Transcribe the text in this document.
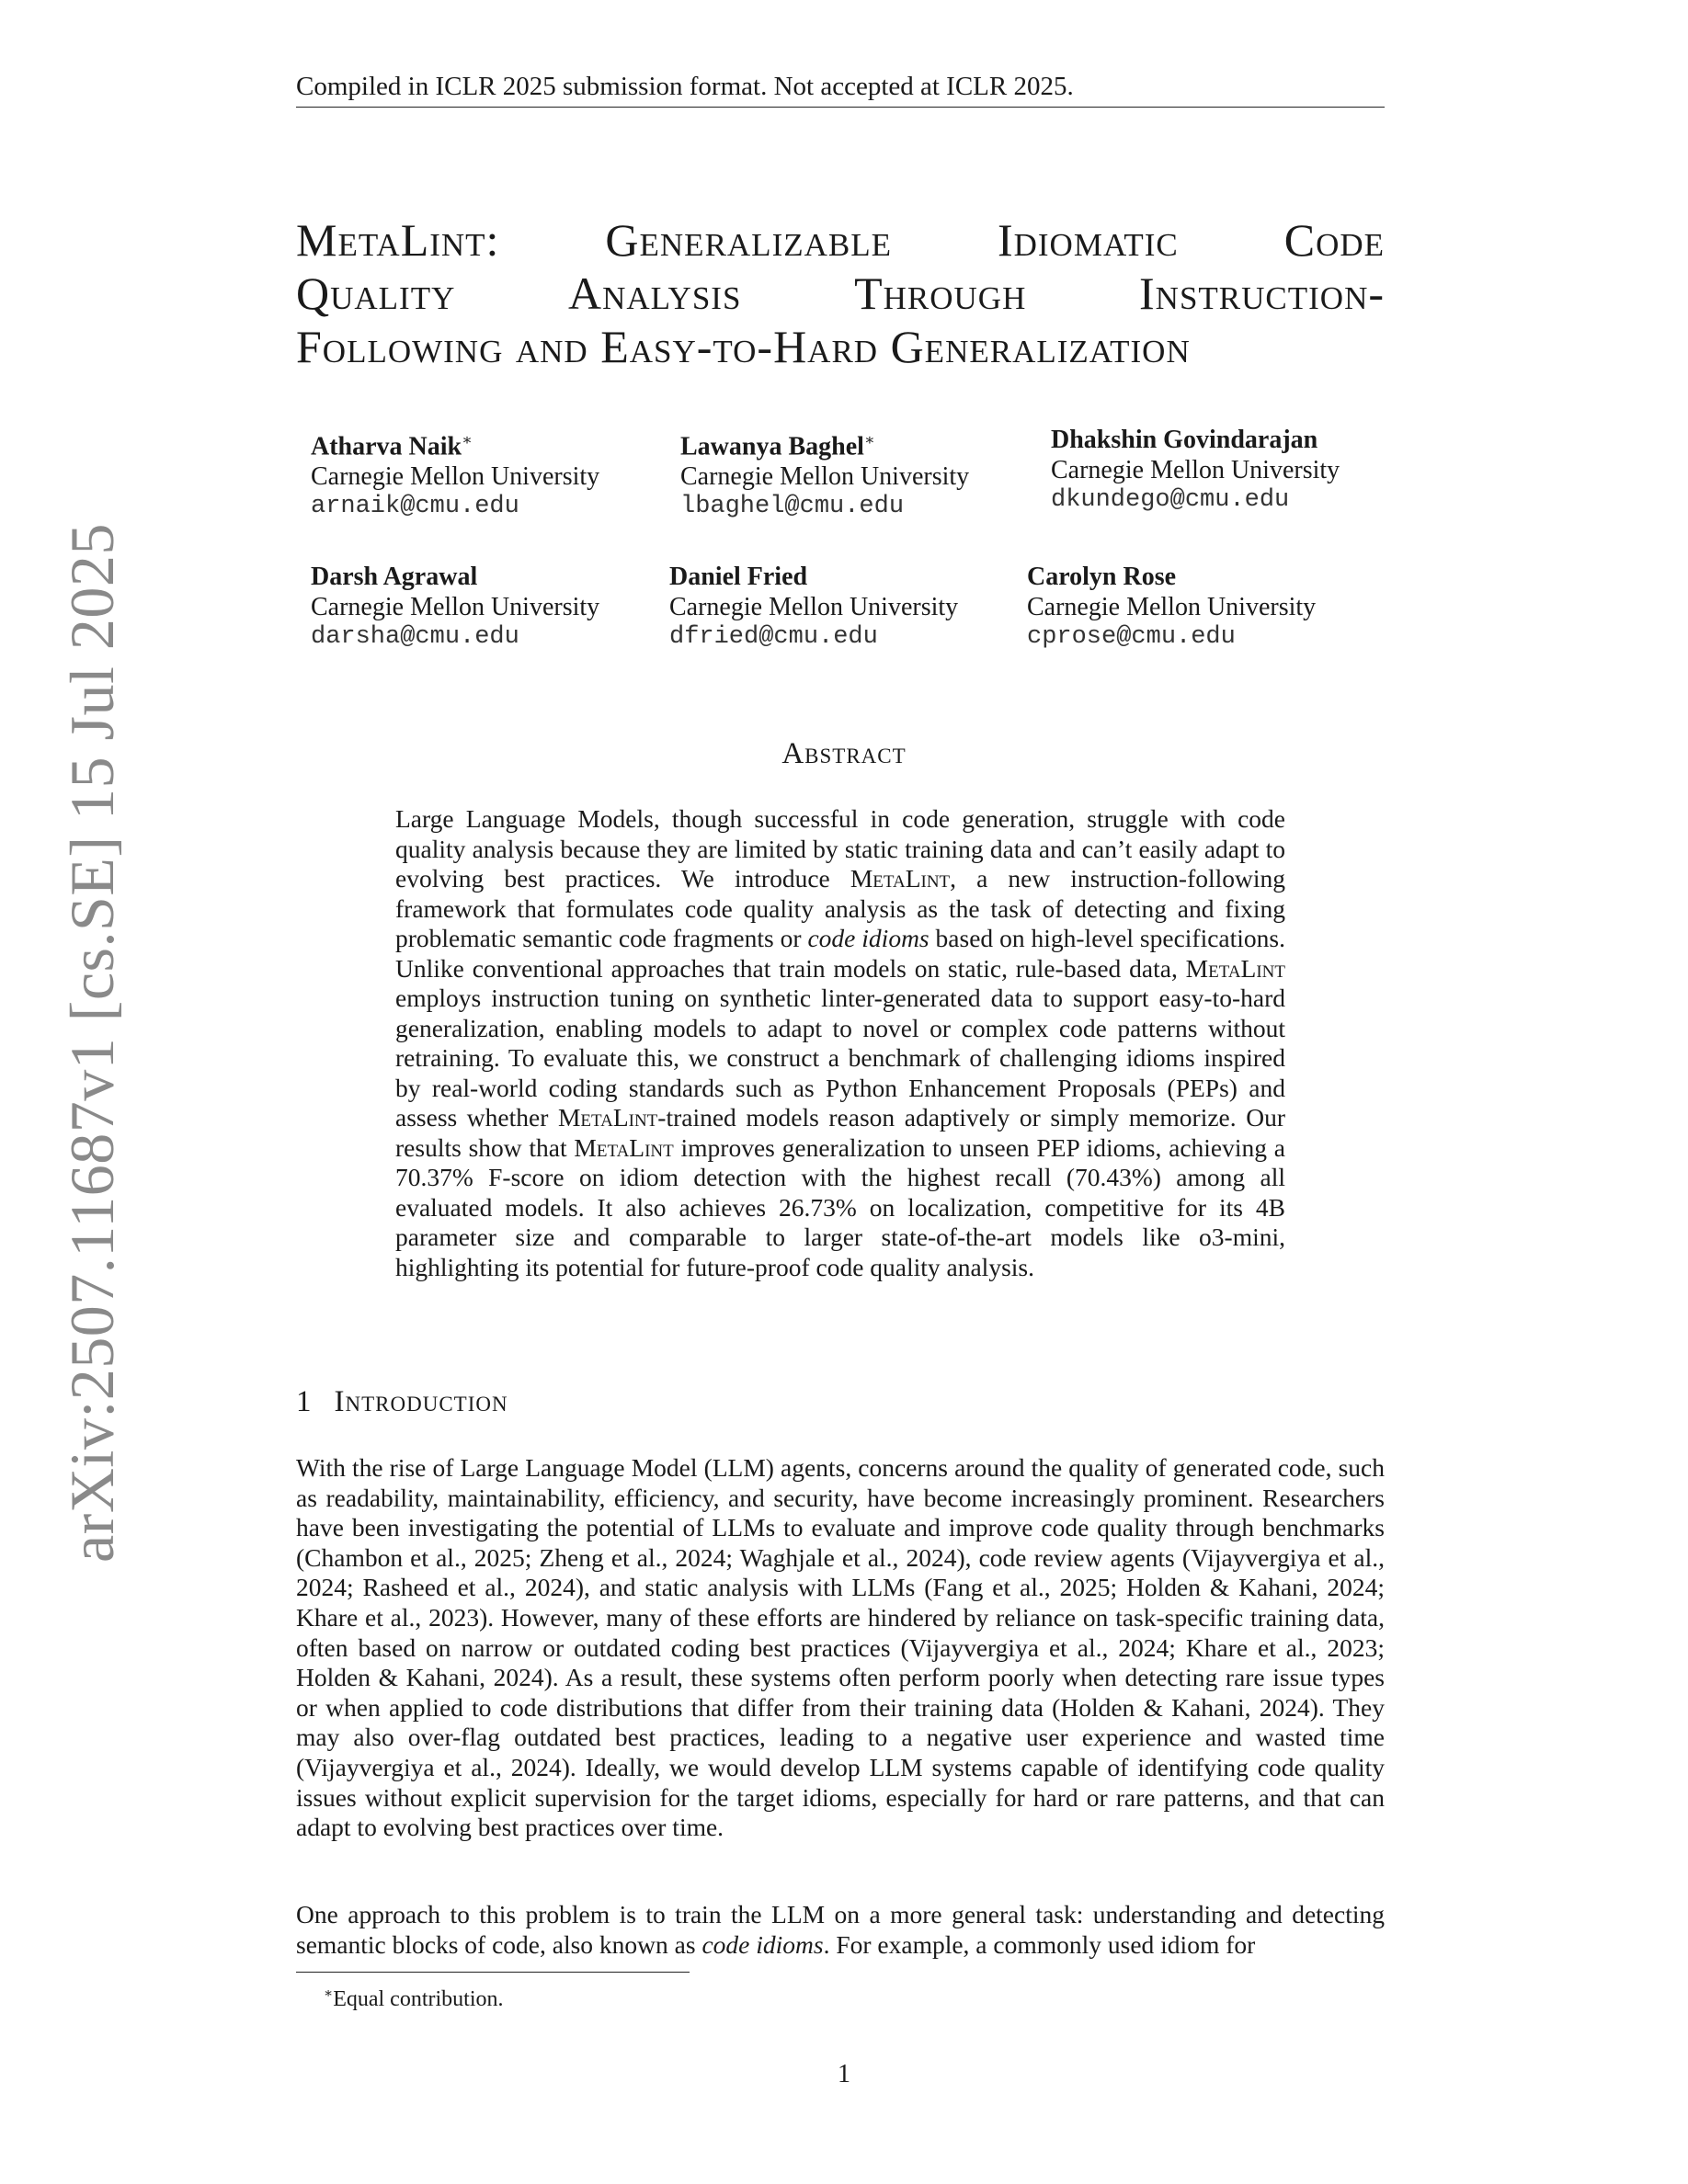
Compiled in ICLR 2025 submission format. Not accepted at ICLR 2025.
arXiv:2507.11687v1 [cs.SE] 15 Jul 2025
MetaLint: Generalizable Idiomatic Code
Quality Analysis Through Instruction-
Following and Easy-to-Hard Generalization
Atharva Naik∗
Carnegie Mellon University
arnaik@cmu.edu
Lawanya Baghel∗
Carnegie Mellon University
lbaghel@cmu.edu
Dhakshin Govindarajan
Carnegie Mellon University
dkundego@cmu.edu
Darsh Agrawal
Carnegie Mellon University
darsha@cmu.edu
Daniel Fried
Carnegie Mellon University
dfried@cmu.edu
Carolyn Rose
Carnegie Mellon University
cprose@cmu.edu
Abstract
Large Language Models, though successful in code generation, struggle with code quality analysis because they are limited by static training data and can’t easily adapt to evolving best practices. We introduce MetaLint, a new instruction-following framework that formulates code quality analysis as the task of detecting and fixing problematic semantic code fragments or code idioms based on high-level specifications. Unlike conventional approaches that train models on static, rule-based data, MetaLint employs instruction tuning on synthetic linter-generated data to support easy-to-hard generalization, enabling models to adapt to novel or complex code patterns without retraining. To evaluate this, we construct a benchmark of challenging idioms inspired by real-world coding standards such as Python Enhancement Proposals (PEPs) and assess whether MetaLint-trained models reason adaptively or simply memorize. Our results show that MetaLint improves generalization to unseen PEP idioms, achieving a 70.37% F-score on idiom detection with the highest recall (70.43%) among all evaluated models. It also achieves 26.73% on localization, competitive for its 4B parameter size and comparable to larger state-of-the-art models like o3-mini, highlighting its potential for future-proof code quality analysis.
1 Introduction
With the rise of Large Language Model (LLM) agents, concerns around the quality of generated code, such as readability, maintainability, efficiency, and security, have become increasingly prominent. Researchers have been investigating the potential of LLMs to evaluate and improve code quality through benchmarks (Chambon et al., 2025; Zheng et al., 2024; Waghjale et al., 2024), code review agents (Vijayvergiya et al., 2024; Rasheed et al., 2024), and static analysis with LLMs (Fang et al., 2025; Holden & Kahani, 2024; Khare et al., 2023). However, many of these efforts are hindered by reliance on task-specific training data, often based on narrow or outdated coding best practices (Vijayvergiya et al., 2024; Khare et al., 2023; Holden & Kahani, 2024). As a result, these systems often perform poorly when detecting rare issue types or when applied to code distributions that differ from their training data (Holden & Kahani, 2024). They may also over-flag outdated best practices, leading to a negative user experience and wasted time (Vijayvergiya et al., 2024). Ideally, we would develop LLM systems capable of identifying code quality issues without explicit supervision for the target idioms, especially for hard or rare patterns, and that can adapt to evolving best practices over time.
One approach to this problem is to train the LLM on a more general task: understanding and detecting semantic blocks of code, also known as code idioms. For example, a commonly used idiom for
∗Equal contribution.
1
